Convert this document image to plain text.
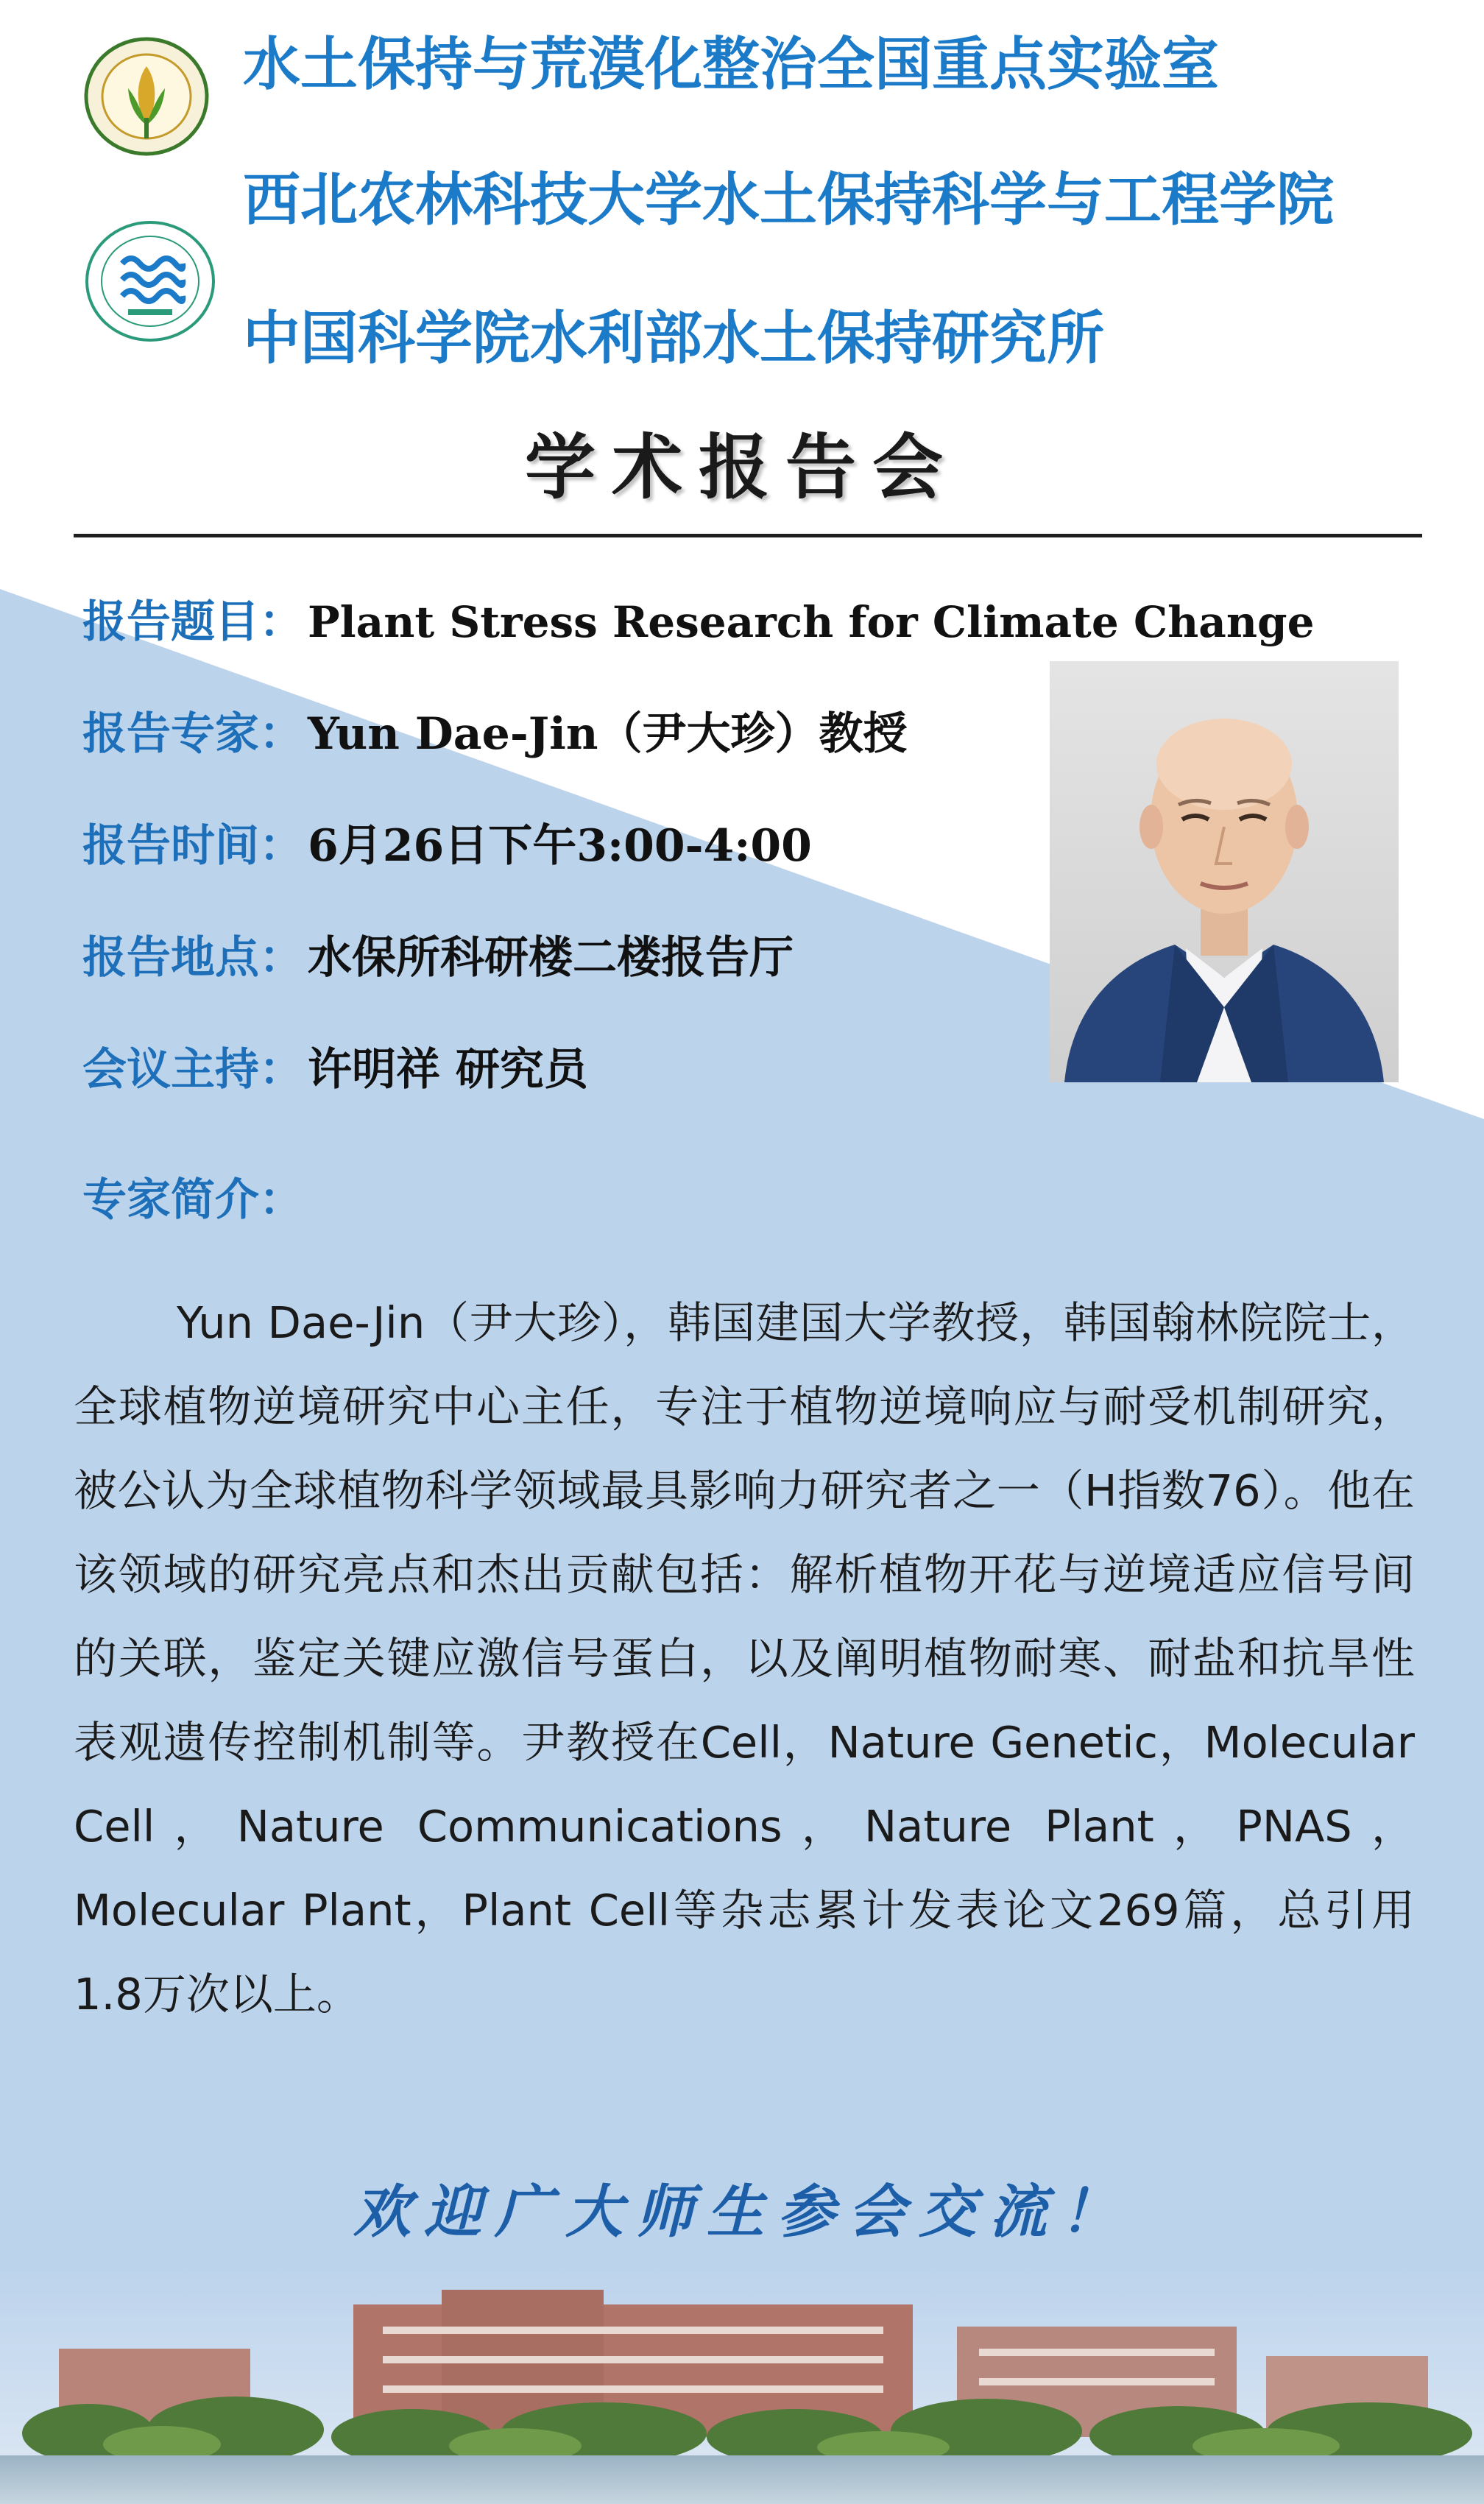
水土保持与荒漠化整治全国重点实验室
西北农林科技大学水土保持科学与工程学院
中国科学院水利部水土保持研究所
学术报告会
报告题目： Plant Stress Research for Climate Change
报告专家： Yun Dae-Jin（尹大珍）教授
报告时间： 6月26日下午3:00-4:00
报告地点： 水保所科研楼二楼报告厅
会议主持： 许明祥 研究员
专家简介：
Yun Dae-Jin（尹大珍），韩国建国大学教授，韩国翰林院院士，全球植物逆境研究中心主任，专注于植物逆境响应与耐受机制研究，被公认为全球植物科学领域最具影响力研究者之一（H指数76）。他在该领域的研究亮点和杰出贡献包括：解析植物开花与逆境适应信号间的关联，鉴定关键应激信号蛋白，以及阐明植物耐寒、耐盐和抗旱性表观遗传控制机制等。尹教授在Cell，Nature Genetic，Molecular Cell，Nature Communications，Nature Plant，PNAS，Molecular Plant，Plant Cell等杂志累计发表论文269篇，总引用1.8万次以上。
欢迎广大师生参会交流！
